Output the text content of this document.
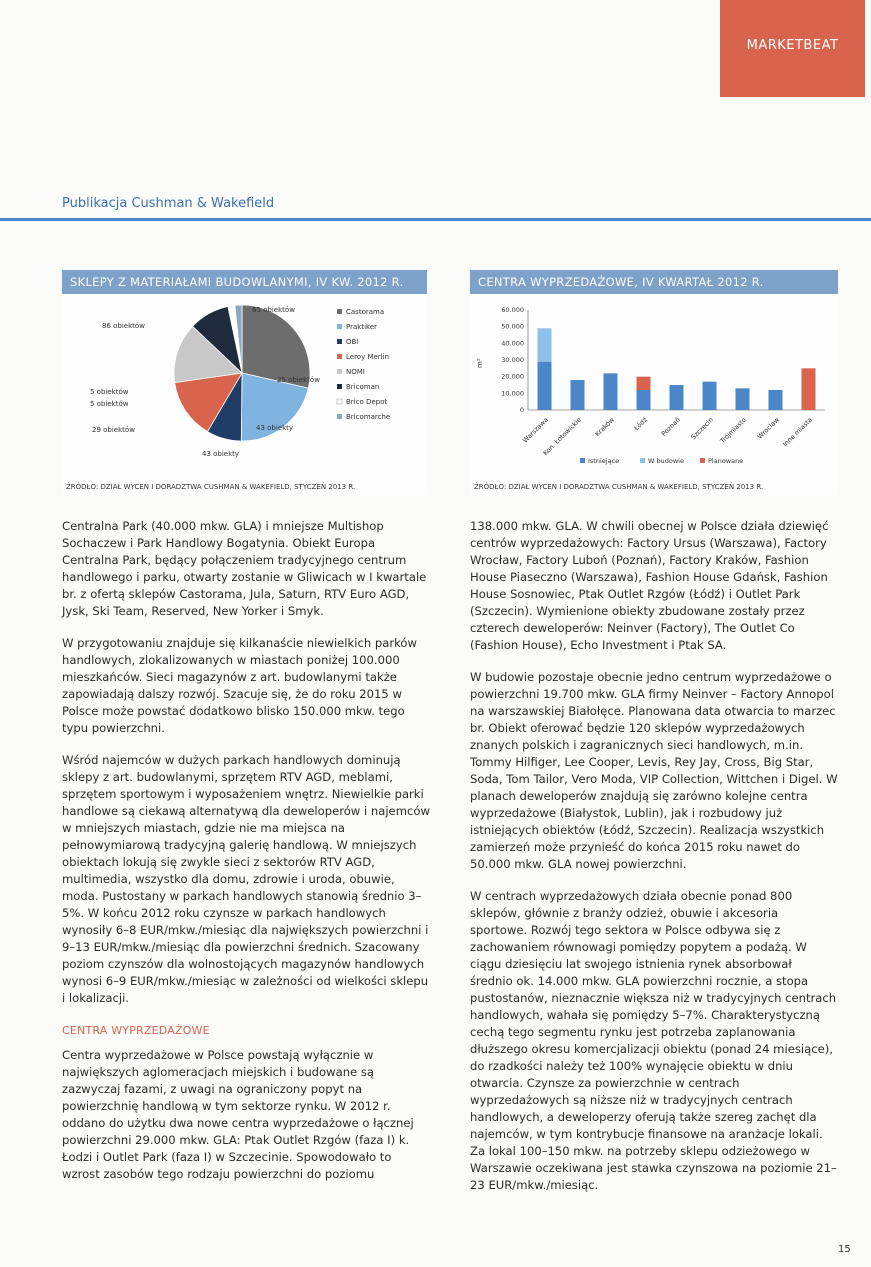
MARKETBEAT
Publikacja Cushman & Wakefield
SKLEPY Z MATERIAŁAMI BUDOWLANYMI, IV KW. 2012 R.
86 obiektów
65 obiektów
25 obiektów
43 obiekty
43 obiekty
29 obiektów
5 obiektów
5 obiektów
Castorama
Praktiker
OBI
Leroy Merlin
NOMI
Bricoman
Brico Depot
Bricomarche
ŹRÓDŁO: DZIAŁ WYCEN I DORADZTWA CUSHMAN & WAKEFIELD, STYCZEŃ 2013 R.
CENTRA WYPRZEDAŻOWE, IV KWARTAŁ 2012 R.
60.000
50.000
40.000
30.000
20.000
10.000
0
m²
Warszawa
Kon. Łotowickie Kraków	Łódź Poznań Szczecin Trójmiasto Wrocław Inne miasta
Istniejące	W budowie	Planowane
ŹRÓDŁO: DZIAŁ WYCEN I DORADZTWA CUSHMAN & WAKEFIELD, STYCZEŃ 2013 R.

Centralna Park (40.000 mkw. GLA) i mniejsze Multishop Sochaczew i Park Handlowy Bogatynia. Obiekt Europa Centralna Park, będący połączeniem tradycyjnego centrum handlowego i parku, otwarty zostanie w Gliwicach w I kwartale br. z ofertą sklepów Castorama, Jula, Saturn, RTV Euro AGD, Jysk, Ski Team, Reserved, New Yorker i Smyk.

W przygotowaniu znajduje się kilkanaście niewielkich parków handlowych, zlokalizowanych w miastach poniżej 100.000 mieszkańców. Sieci magazynów z art. budowlanymi także zapowiadają dalszy rozwój. Szacuje się, że do roku 2015 w Polsce może powstać dodatkowo blisko 150.000 mkw. tego typu powierzchni.

Wśród najemców w dużych parkach handlowych dominują sklepy z art. budowlanymi, sprzętem RTV AGD, meblami, sprzętem sportowym i wyposażeniem wnętrz. Niewielkie parki handlowe są ciekawą alternatywą dla deweloperów i najemców w mniejszych miastach, gdzie nie ma miejsca na pełnowymiarową tradycyjną galerię handlową. W mniejszych obiektach lokują się zwykle sieci z sektorów RTV AGD, multimedia, wszystko dla domu, zdrowie i uroda, obuwie, moda. Pustostany w parkach handlowych stanowią średnio 3–5%. W końcu 2012 roku czynsze w parkach handlowych wynosiły 6–8 EUR/mkw./miesiąc dla największych powierzchni i 9–13 EUR/mkw./miesiąc dla powierzchni średnich. Szacowany poziom czynszów dla wolnostojących magazynów handlowych wynosi 6–9 EUR/mkw./miesiąc w zależności od wielkości sklepu i lokalizacji.

CENTRA WYPRZEDAŻOWE

Centra wyprzedażowe w Polsce powstają wyłącznie w największych aglomeracjach miejskich i budowane są zazwyczaj fazami, z uwagi na ograniczony popyt na powierzchnię handlową w tym sektorze rynku. W 2012 r. oddano do użytku dwa nowe centra wyprzedażowe o łącznej powierzchni 29.000 mkw. GLA: Ptak Outlet Rzgów (faza I) k. Łodzi i Outlet Park (faza I) w Szczecinie. Spowodowało to wzrost zasobów tego rodzaju powierzchni do poziomu

138.000 mkw. GLA. W chwili obecnej w Polsce działa dziewięć centrów wyprzedażowych: Factory Ursus (Warszawa), Factory Wrocław, Factory Luboń (Poznań), Factory Kraków, Fashion House Piaseczno (Warszawa), Fashion House Gdańsk, Fashion House Sosnowiec, Ptak Outlet Rzgów (Łódź) i Outlet Park (Szczecin). Wymienione obiekty zbudowane zostały przez czterech deweloperów: Neinver (Factory), The Outlet Co (Fashion House), Echo Investment i Ptak SA.

W budowie pozostaje obecnie jedno centrum wyprzedażowe o powierzchni 19.700 mkw. GLA firmy Neinver – Factory Annopol na warszawskiej Białołęce. Planowana data otwarcia to marzec br. Obiekt oferować będzie 120 sklepów wyprzedażowych znanych polskich i zagranicznych sieci handlowych, m.in. Tommy Hilfiger, Lee Cooper, Levis, Rey Jay, Cross, Big Star, Soda, Tom Tailor, Vero Moda, VIP Collection, Wittchen i Digel. W planach deweloperów znajdują się zarówno kolejne centra wyprzedażowe (Białystok, Lublin), jak i rozbudowy już istniejących obiektów (Łódź, Szczecin). Realizacja wszystkich zamierzeń może przynieść do końca 2015 roku nawet do 50.000 mkw. GLA nowej powierzchni.

W centrach wyprzedażowych działa obecnie ponad 800 sklepów, głównie z branży odzież, obuwie i akcesoria sportowe. Rozwój tego sektora w Polsce odbywa się z zachowaniem równowagi pomiędzy popytem a podażą. W ciągu dziesięciu lat swojego istnienia rynek absorbował średnio ok. 14.000 mkw. GLA powierzchni rocznie, a stopa pustostanów, nieznacznie większa niż w tradycyjnych centrach handlowych, wahała się pomiędzy 5–7%. Charakterystyczną cechą tego segmentu rynku jest potrzeba zaplanowania dłuższego okresu komercjalizacji obiektu (ponad 24 miesiące), do rzadkości należy też 100% wynajęcie obiektu w dniu otwarcia. Czynsze za powierzchnie w centrach wyprzedażowych są niższe niż w tradycyjnych centrach handlowych, a deweloperzy oferują także szereg zachęt dla najemców, w tym kontrybucje finansowe na aranżacje lokali. Za lokal 100–150 mkw. na potrzeby sklepu odzieżowego w Warszawie oczekiwana jest stawka czynszowa na poziomie 21–23 EUR/mkw./miesiąc.

15
